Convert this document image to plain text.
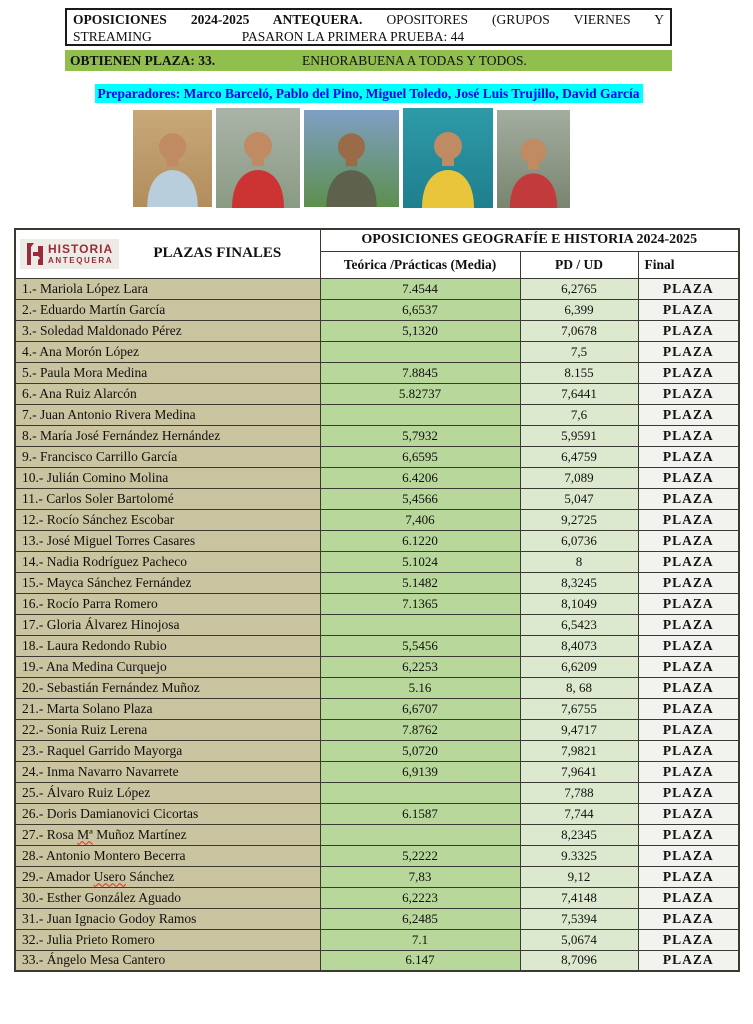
OPOSICIONES 2024-2025 ANTEQUERA. OPOSITORES (GRUPOS VIERNES Y
STREAMING	PASARON LA PRIMERA PRUEBA: 44
OBTIENEN PLAZA: 33.	ENHORABUENA A TODAS Y TODOS.
Preparadores: Marco Barceló, Pablo del Pino, Miguel Toledo, José Luis Trujillo, David García
HISTORIA
ANTEQUERA PLAZAS FINALES	OPOSICIONES GEOGRAFÍE E HISTORIA 2024-2025		
	Teórica /Prácticas (Media)	PD / UD	Final
1.- Mariola López Lara	7.4544	6,2765	PLAZA
2.- Eduardo Martín García	6,6537	6,399	PLAZA
3.- Soledad Maldonado Pérez	5,1320	7,0678	PLAZA
4.- Ana Morón López		7,5	PLAZA
5.- Paula Mora Medina	7.8845	8.155	PLAZA
6.- Ana Ruiz Alarcón	5.82737	7,6441	PLAZA
7.- Juan Antonio Rivera Medina		7,6	PLAZA
8.- María José Fernández Hernández	5,7932	5,9591	PLAZA
9.- Francisco Carrillo García	6,6595	6,4759	PLAZA
10.- Julián Comino Molina	6.4206	7,089	PLAZA
11.- Carlos Soler Bartolomé	5,4566	5,047	PLAZA
12.- Rocío Sánchez Escobar	7,406	9,2725	PLAZA
13.- José Miguel Torres Casares	6.1220	6,0736	PLAZA
14.- Nadia Rodríguez Pacheco	5.1024	8	PLAZA
15.- Mayca Sánchez Fernández	5.1482	8,3245	PLAZA
16.- Rocío Parra Romero	7.1365	8,1049	PLAZA
17.- Gloria Álvarez Hinojosa		6,5423	PLAZA
18.- Laura Redondo Rubio	5,5456	8,4073	PLAZA
19.- Ana Medina Curquejo	6,2253	6,6209	PLAZA
20.- Sebastián Fernández Muñoz	5.16	8, 68	PLAZA
21.- Marta Solano Plaza	6,6707	7,6755	PLAZA
22.- Sonia Ruiz Lerena	7.8762	9,4717	PLAZA
23.- Raquel Garrido Mayorga	5,0720	7,9821	PLAZA
24.- Inma Navarro Navarrete	6,9139	7,9641	PLAZA
25.- Álvaro Ruiz López		7,788	PLAZA
26.- Doris Damianovici Cicortas	6.1587	7,744	PLAZA
27.- Rosa Mª Muñoz Martínez		8,2345	PLAZA
28.- Antonio Montero Becerra	5,2222	9.3325	PLAZA
29.- Amador Usero Sánchez	7,83	9,12	PLAZA
30.- Esther González Aguado	6,2223	7,4148	PLAZA
31.- Juan Ignacio Godoy Ramos	6,2485	7,5394	PLAZA
32.- Julia Prieto Romero	7.1	5,0674	PLAZA
33.- Ángelo Mesa Cantero	6.147	8,7096	PLAZA
